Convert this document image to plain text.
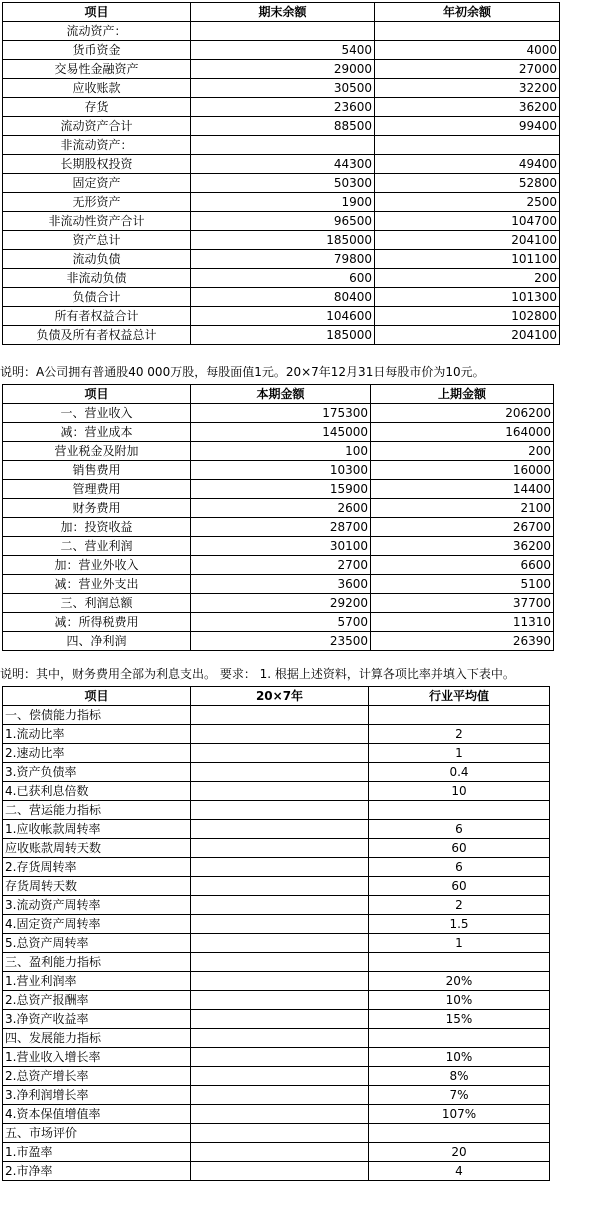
项目	期末余额	年初余额
流动资产：		
货币资金	5400	4000
交易性金融资产	29000	27000
应收账款	30500	32200
存货	23600	36200
流动资产合计	88500	99400
非流动资产：		
长期股权投资	44300	49400
固定资产	50300	52800
无形资产	1900	2500
非流动性资产合计	96500	104700
资产总计	185000	204100
流动负债	79800	101100
非流动负债	600	200
负债合计	80400	101300
所有者权益合计	104600	102800
负债及所有者权益总计	185000	204100
说明：A公司拥有普通股40 000万股，每股面值1元。20×7年12月31日每股市价为10元。
项目	本期金额	上期金额
一、营业收入	175300	206200
减：营业成本	145000	164000
营业税金及附加	100	200
销售费用	10300	16000
管理费用	15900	14400
财务费用	2600	2100
加：投资收益	28700	26700
二、营业利润	30100	36200
加：营业外收入	2700	6600
减：营业外支出	3600	5100
三、利润总额	29200	37700
减：所得税费用	5700	11310
四、净利润	23500	26390
说明：其中，财务费用全部为利息支出。 要求： 1. 根据上述资料，计算各项比率并填入下表中。
项目	20×7年	行业平均值
一、偿债能力指标		
1.流动比率		2
2.速动比率		1
3.资产负债率		0.4
4.已获利息倍数		10
二、营运能力指标		
1.应收帐款周转率		6
应收账款周转天数		60
2.存货周转率		6
存货周转天数		60
3.流动资产周转率		2
4.固定资产周转率		1.5
5.总资产周转率		1
三、盈利能力指标		
1.营业利润率		20%
2.总资产报酬率		10%
3.净资产收益率		15%
四、发展能力指标		
1.营业收入增长率		10%
2.总资产增长率		8%
3.净利润增长率		7%
4.资本保值增值率		107%
五、市场评价		
1.市盈率		20
2.市净率		4
